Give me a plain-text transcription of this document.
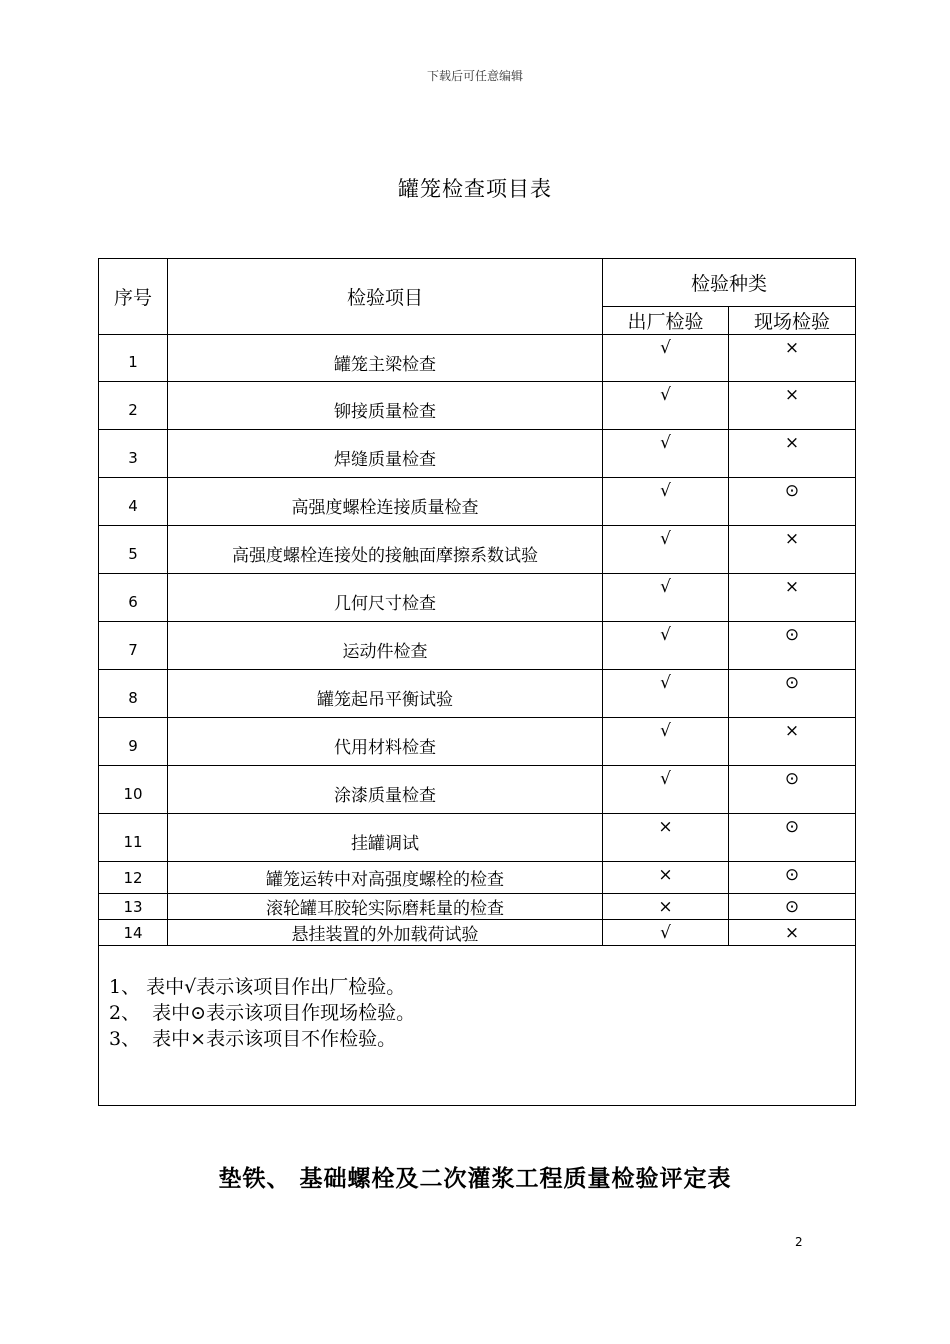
下载后可任意编辑
罐笼检查项目表
序号	检验项目	检验种类	
		出厂检验	现场检验
1	罐笼主梁检查	√	×
2	铆接质量检查	√	×
3	焊缝质量检查	√	×
4	高强度螺栓连接质量检查	√	⊙
5	高强度螺栓连接处的接触面摩擦系数试验	√	×
6	几何尺寸检查	√	×
7	运动件检查	√	⊙
8	罐笼起吊平衡试验	√	⊙
9	代用材料检查	√	×
10	涂漆质量检查	√	⊙
11	挂罐调试	×	⊙
12	罐笼运转中对高强度螺栓的检查	×	⊙
13	滚轮罐耳胶轮实际磨耗量的检查	×	⊙
14	悬挂装置的外加载荷试验	√	×

1、 表中√表示该项目作出厂检验。
2、  表中⊙表示该项目作现场检验。
3、  表中×表示该项目不作检验。			
垫铁、 基础螺栓及二次灌浆工程质量检验评定表
2
